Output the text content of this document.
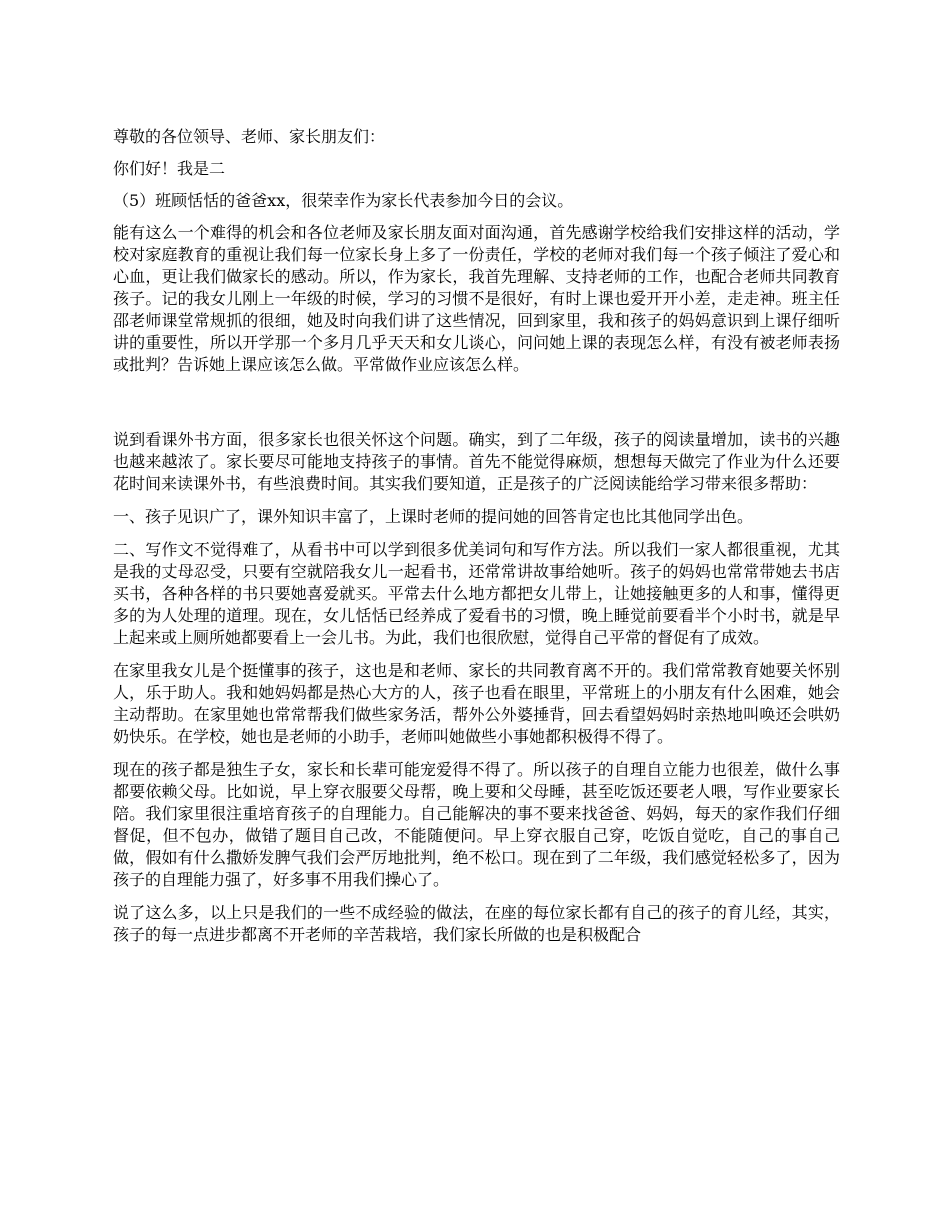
尊敬的各位领导、老师、家长朋友们：

你们好！我是二

（5）班顾恬恬的爸爸xx，很荣幸作为家长代表参加今日的会议。

能有这么一个难得的机会和各位老师及家长朋友面对面沟通，首先感谢学校给我们安排这样的活动，学校对家庭教育的重视让我们每一位家长身上多了一份责任，学校的老师对我们每一个孩子倾注了爱心和心血，更让我们做家长的感动。所以，作为家长，我首先理解、支持老师的工作，也配合老师共同教育孩子。记的我女儿刚上一年级的时候，学习的习惯不是很好，有时上课也爱开开小差，走走神。班主任邵老师课堂常规抓的很细，她及时向我们讲了这些情况，回到家里，我和孩子的妈妈意识到上课仔细听讲的重要性，所以开学那一个多月几乎天天和女儿谈心，问问她上课的表现怎么样，有没有被老师表扬或批判？告诉她上课应该怎么做。平常做作业应该怎么样。

说到看课外书方面，很多家长也很关怀这个问题。确实，到了二年级，孩子的阅读量增加，读书的兴趣也越来越浓了。家长要尽可能地支持孩子的事情。首先不能觉得麻烦，想想每天做完了作业为什么还要花时间来读课外书，有些浪费时间。其实我们要知道，正是孩子的广泛阅读能给学习带来很多帮助：

一、孩子见识广了，课外知识丰富了，上课时老师的提问她的回答肯定也比其他同学出色。

二、写作文不觉得难了，从看书中可以学到很多优美词句和写作方法。所以我们一家人都很重视，尤其是我的丈母忍受，只要有空就陪我女儿一起看书，还常常讲故事给她听。孩子的妈妈也常常带她去书店买书，各种各样的书只要她喜爱就买。平常去什么地方都把女儿带上，让她接触更多的人和事，懂得更多的为人处理的道理。现在，女儿恬恬已经养成了爱看书的习惯，晚上睡觉前要看半个小时书，就是早上起来或上厕所她都要看上一会儿书。为此，我们也很欣慰，觉得自己平常的督促有了成效。

在家里我女儿是个挺懂事的孩子，这也是和老师、家长的共同教育离不开的。我们常常教育她要关怀别人，乐于助人。我和她妈妈都是热心大方的人，孩子也看在眼里，平常班上的小朋友有什么困难，她会主动帮助。在家里她也常常帮我们做些家务活，帮外公外婆捶背，回去看望妈妈时亲热地叫唤还会哄奶奶快乐。在学校，她也是老师的小助手，老师叫她做些小事她都积极得不得了。

现在的孩子都是独生子女，家长和长辈可能宠爱得不得了。所以孩子的自理自立能力也很差，做什么事都要依赖父母。比如说，早上穿衣服要父母帮，晚上要和父母睡，甚至吃饭还要老人喂，写作业要家长陪。我们家里很注重培育孩子的自理能力。自己能解决的事不要来找爸爸、妈妈，每天的家作我们仔细督促，但不包办，做错了题目自己改，不能随便问。早上穿衣服自己穿，吃饭自觉吃，自己的事自己做，假如有什么撒娇发脾气我们会严厉地批判，绝不松口。现在到了二年级，我们感觉轻松多了，因为孩子的自理能力强了，好多事不用我们操心了。

说了这么多，以上只是我们的一些不成经验的做法，在座的每位家长都有自己的孩子的育儿经，其实，孩子的每一点进步都离不开老师的辛苦栽培，我们家长所做的也是积极配合
